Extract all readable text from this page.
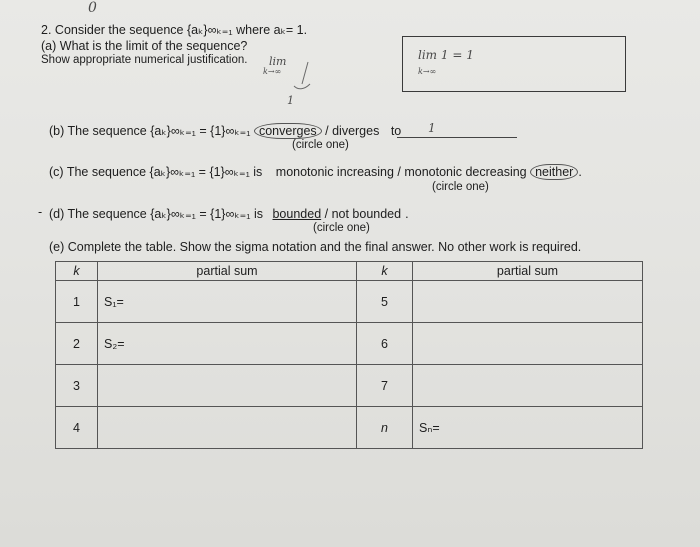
0
2. Consider the sequence {aₖ}∞ₖ₌₁ where aₖ= 1.
(a) What is the limit of the sequence?
Show appropriate numerical justification. lim
k→∞
1
lim 1 = 1
k→∞
(b) The sequence {aₖ}∞ₖ₌₁ = {1}∞ₖ₌₁ converges / diverges to 1
(circle one)
(c) The sequence {aₖ}∞ₖ₌₁ = {1}∞ₖ₌₁ is monotonic increasing / monotonic decreasing neither .
(circle one)
- (d) The sequence {aₖ}∞ₖ₌₁ = {1}∞ₖ₌₁ is bounded / not bounded .
(circle one)
(e) Complete the table. Show the sigma notation and the final answer. No other work is required.
k	partial sum	k	partial sum
1	S₁=	5	
2	S₂=	6	
3		7	
4		n	Sₙ=
